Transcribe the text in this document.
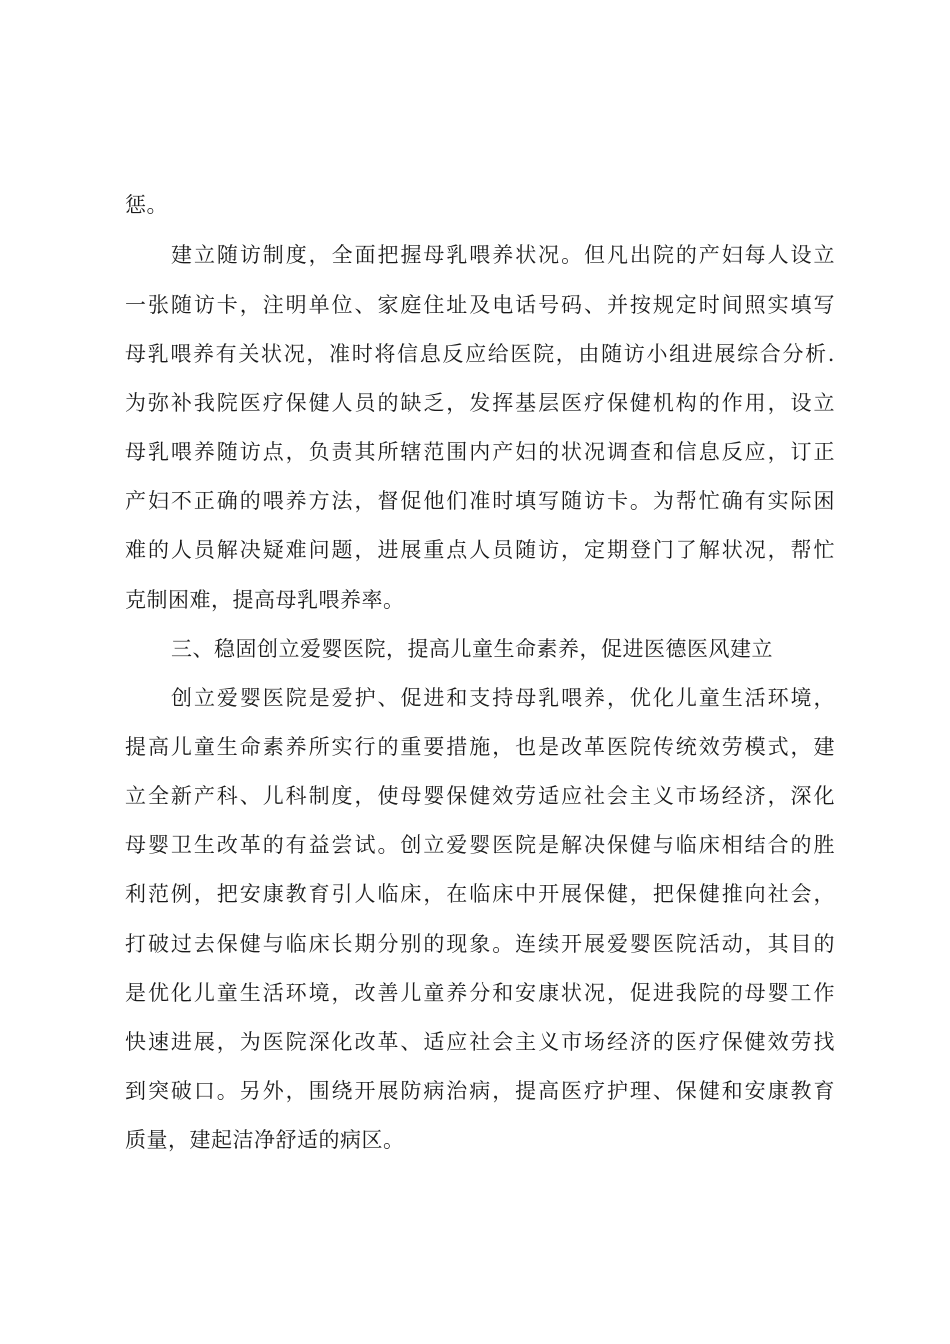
惩。
建立随访制度，全面把握母乳喂养状况。但凡出院的产妇每人设立
一张随访卡，注明单位、家庭住址及电话号码、并按规定时间照实填写
母乳喂养有关状况，准时将信息反应给医院，由随访小组进展综合分析.
为弥补我院医疗保健人员的缺乏，发挥基层医疗保健机构的作用，设立
母乳喂养随访点，负责其所辖范围内产妇的状况调查和信息反应，订正
产妇不正确的喂养方法，督促他们准时填写随访卡。为帮忙确有实际困
难的人员解决疑难问题，进展重点人员随访，定期登门了解状况，帮忙
克制困难，提高母乳喂养率。
三、稳固创立爱婴医院，提高儿童生命素养，促进医德医风建立
创立爱婴医院是爱护、促进和支持母乳喂养，优化儿童生活环境，
提高儿童生命素养所实行的重要措施，也是改革医院传统效劳模式，建
立全新产科、儿科制度，使母婴保健效劳适应社会主义市场经济，深化
母婴卫生改革的有益尝试。创立爱婴医院是解决保健与临床相结合的胜
利范例，把安康教育引人临床，在临床中开展保健，把保健推向社会，
打破过去保健与临床长期分别的现象。连续开展爱婴医院活动，其目的
是优化儿童生活环境，改善儿童养分和安康状况，促进我院的母婴工作
快速进展，为医院深化改革、适应社会主义市场经济的医疗保健效劳找
到突破口。另外，围绕开展防病治病，提高医疗护理、保健和安康教育
质量，建起洁净舒适的病区。
